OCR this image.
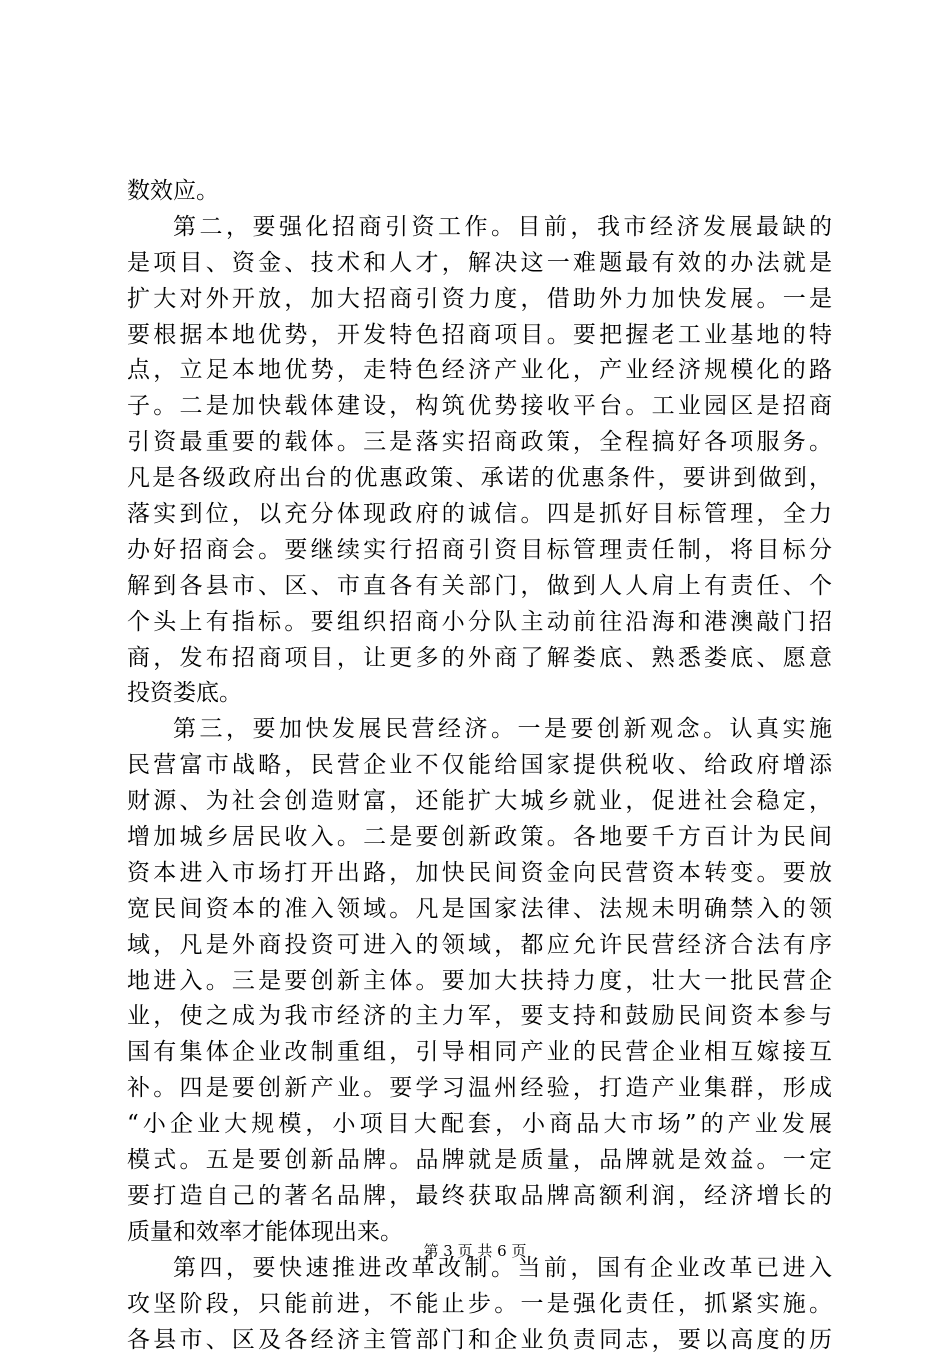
数效应。
第二，要强化招商引资工作。目前，我市经济发展最缺的
是项目、资金、技术和人才，解决这一难题最有效的办法就是
扩大对外开放，加大招商引资力度，借助外力加快发展。一是
要根据本地优势，开发特色招商项目。要把握老工业基地的特
点，立足本地优势，走特色经济产业化，产业经济规模化的路
子。二是加快载体建设，构筑优势接收平台。工业园区是招商
引资最重要的载体。三是落实招商政策，全程搞好各项服务。
凡是各级政府出台的优惠政策、承诺的优惠条件，要讲到做到，
落实到位，以充分体现政府的诚信。四是抓好目标管理，全力
办好招商会。要继续实行招商引资目标管理责任制，将目标分
解到各县市、区、市直各有关部门，做到人人肩上有责任、个
个头上有指标。要组织招商小分队主动前往沿海和港澳敲门招
商，发布招商项目，让更多的外商了解娄底、熟悉娄底、愿意
投资娄底。
第三，要加快发展民营经济。一是要创新观念。认真实施
民营富市战略，民营企业不仅能给国家提供税收、给政府增添
财源、为社会创造财富，还能扩大城乡就业，促进社会稳定，
增加城乡居民收入。二是要创新政策。各地要千方百计为民间
资本进入市场打开出路，加快民间资金向民营资本转变。要放
宽民间资本的准入领域。凡是国家法律、法规未明确禁入的领
域，凡是外商投资可进入的领域，都应允许民营经济合法有序
地进入。三是要创新主体。要加大扶持力度，壮大一批民营企
业，使之成为我市经济的主力军，要支持和鼓励民间资本参与
国有集体企业改制重组，引导相同产业的民营企业相互嫁接互
补。四是要创新产业。要学习温州经验，打造产业集群，形成
“小企业大规模，小项目大配套，小商品大市场”的产业发展
模式。五是要创新品牌。品牌就是质量，品牌就是效益。一定
要打造自己的著名品牌，最终获取品牌高额利润，经济增长的
质量和效率才能体现出来。
第四，要快速推进改革改制。当前，国有企业改革已进入
攻坚阶段，只能前进，不能止步。一是强化责任，抓紧实施。
各县市、区及各经济主管部门和企业负责同志，要以高度的历
第 3 页 共 6 页
